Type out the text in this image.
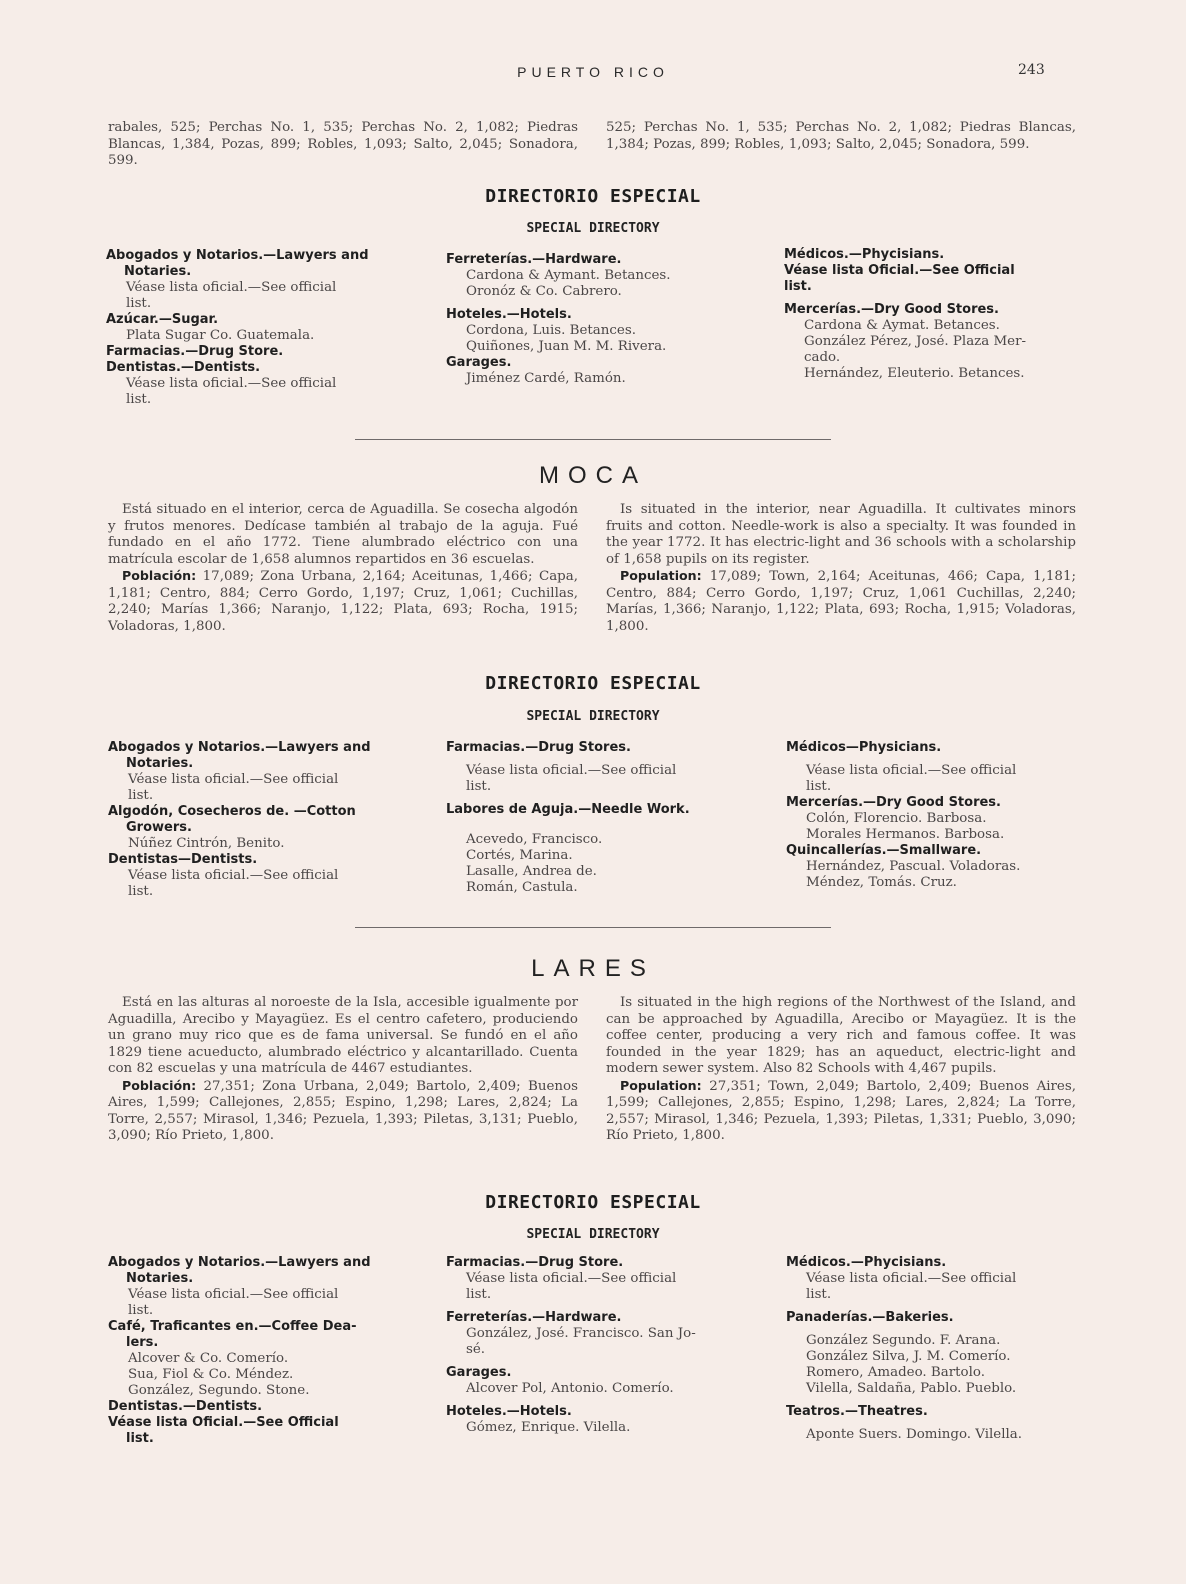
PUERTO RICO	243

rabales, 525; Perchas No. 1, 535; Perchas No. 2, 1,082; Piedras Blancas, 1,384, Pozas, 899; Robles, 1,093; Salto, 2,045; Sonadora, 599.

525; Perchas No. 1, 535; Perchas No. 2, 1,082; Piedras Blancas, 1,384; Pozas, 899; Robles, 1,093; Salto, 2,045; Sonadora, 599.

DIRECTORIO ESPECIAL
SPECIAL DIRECTORY
Abogados y Notarios.—Lawyers and
Notaries.
Véase lista oficial.—See official
list.
Azúcar.—Sugar.
Plata Sugar Co. Guatemala.
Farmacias.—Drug Store.
Dentistas.—Dentists.
Véase lista oficial.—See official
list.
Ferreterías.—Hardware.
Cardona & Aymant. Betances.
Oronóz & Co. Cabrero.
Hoteles.—Hotels.
Cordona, Luis. Betances.
Quiñones, Juan M. M. Rivera.
Garages.
Jiménez Cardé, Ramón.
Médicos.—Phycisians.
Véase lista Oficial.—See Official
list.
Mercerías.—Dry Good Stores.
Cardona & Aymat. Betances.
González Pérez, José. Plaza Mer-
cado.
Hernández, Eleuterio. Betances.
MOCA

Está situado en el interior, cerca de Aguadilla. Se cosecha algodón y frutos menores. Dedícase también al trabajo de la aguja. Fué fundado en el año 1772. Tiene alumbrado eléctrico con una matrícula escolar de 1,658 alumnos repartidos en 36 escuelas.

Población: 17,089; Zona Urbana, 2,164; Aceitunas, 1,466; Capa, 1,181; Centro, 884; Cerro Gordo, 1,197; Cruz, 1,061; Cuchillas, 2,240; Marías 1,366; Naranjo, 1,122; Plata, 693; Rocha, 1915; Voladoras, 1,800.

Is situated in the interior, near Aguadilla. It cultivates minors fruits and cotton. Needle-work is also a specialty. It was founded in the year 1772. It has electric-light and 36 schools with a scholarship of 1,658 pupils on its register.

Population: 17,089; Town, 2,164; Aceitunas, 466; Capa, 1,181; Centro, 884; Cerro Gordo, 1,197; Cruz, 1,061 Cuchillas, 2,240; Marías, 1,366; Naranjo, 1,122; Plata, 693; Rocha, 1,915; Voladoras, 1,800.

DIRECTORIO ESPECIAL
SPECIAL DIRECTORY
Abogados y Notarios.—Lawyers and
Notaries.
Véase lista oficial.—See official
list.
Algodón, Cosecheros de. —Cotton
Growers.
Núñez Cintrón, Benito.
Dentistas—Dentists.
Véase lista oficial.—See official
list.
Farmacias.—Drug Stores.
Véase lista oficial.—See official
list.
Labores de Aguja.—Needle Work.
Acevedo, Francisco.
Cortés, Marina.
Lasalle, Andrea de.
Román, Castula.
Médicos—Physicians.
Véase lista oficial.—See official
list.
Mercerías.—Dry Good Stores.
Colón, Florencio. Barbosa.
Morales Hermanos. Barbosa.
Quincallerías.—Smallware.
Hernández, Pascual. Voladoras.
Méndez, Tomás. Cruz.
LARES

Está en las alturas al noroeste de la Isla, accesible igualmente por Aguadilla, Arecibo y Mayagüez. Es el centro cafetero, produciendo un grano muy rico que es de fama universal. Se fundó en el año 1829 tiene acueducto, alumbrado eléctrico y alcantarillado. Cuenta con 82 escuelas y una matrícula de 4467 estudiantes.

Población: 27,351; Zona Urbana, 2,049; Bartolo, 2,409; Buenos Aires, 1,599; Callejones, 2,855; Espino, 1,298; Lares, 2,824; La Torre, 2,557; Mirasol, 1,346; Pezuela, 1,393; Piletas, 3,131; Pueblo, 3,090; Río Prieto, 1,800.

Is situated in the high regions of the Northwest of the Island, and can be approached by Aguadilla, Arecibo or Mayagüez. It is the coffee center, producing a very rich and famous coffee. It was founded in the year 1829; has an aqueduct, electric-light and modern sewer system. Also 82 Schools with 4,467 pupils.

Population: 27,351; Town, 2,049; Bartolo, 2,409; Buenos Aires, 1,599; Callejones, 2,855; Espino, 1,298; Lares, 2,824; La Torre, 2,557; Mirasol, 1,346; Pezuela, 1,393; Piletas, 1,331; Pueblo, 3,090; Río Prieto, 1,800.

DIRECTORIO ESPECIAL
SPECIAL DIRECTORY
Abogados y Notarios.—Lawyers and
Notaries.
Véase lista oficial.—See official
list.
Café, Traficantes en.—Coffee Dea-
lers.
Alcover & Co. Comerío.
Sua, Fiol & Co. Méndez.
González, Segundo. Stone.
Dentistas.—Dentists.
Véase lista Oficial.—See Official
list.
Farmacias.—Drug Store.
Véase lista oficial.—See official
list.
Ferreterías.—Hardware.
González, José. Francisco. San Jo-
sé.
Garages.
Alcover Pol, Antonio. Comerío.
Hoteles.—Hotels.
Gómez, Enrique. Vilella.
Médicos.—Phycisians.
Véase lista oficial.—See official
list.
Panaderías.—Bakeries.
González Segundo. F. Arana.
González Silva, J. M. Comerío.
Romero, Amadeo. Bartolo.
Vilella, Saldaña, Pablo. Pueblo.
Teatros.—Theatres.
Aponte Suers. Domingo. Vilella.
